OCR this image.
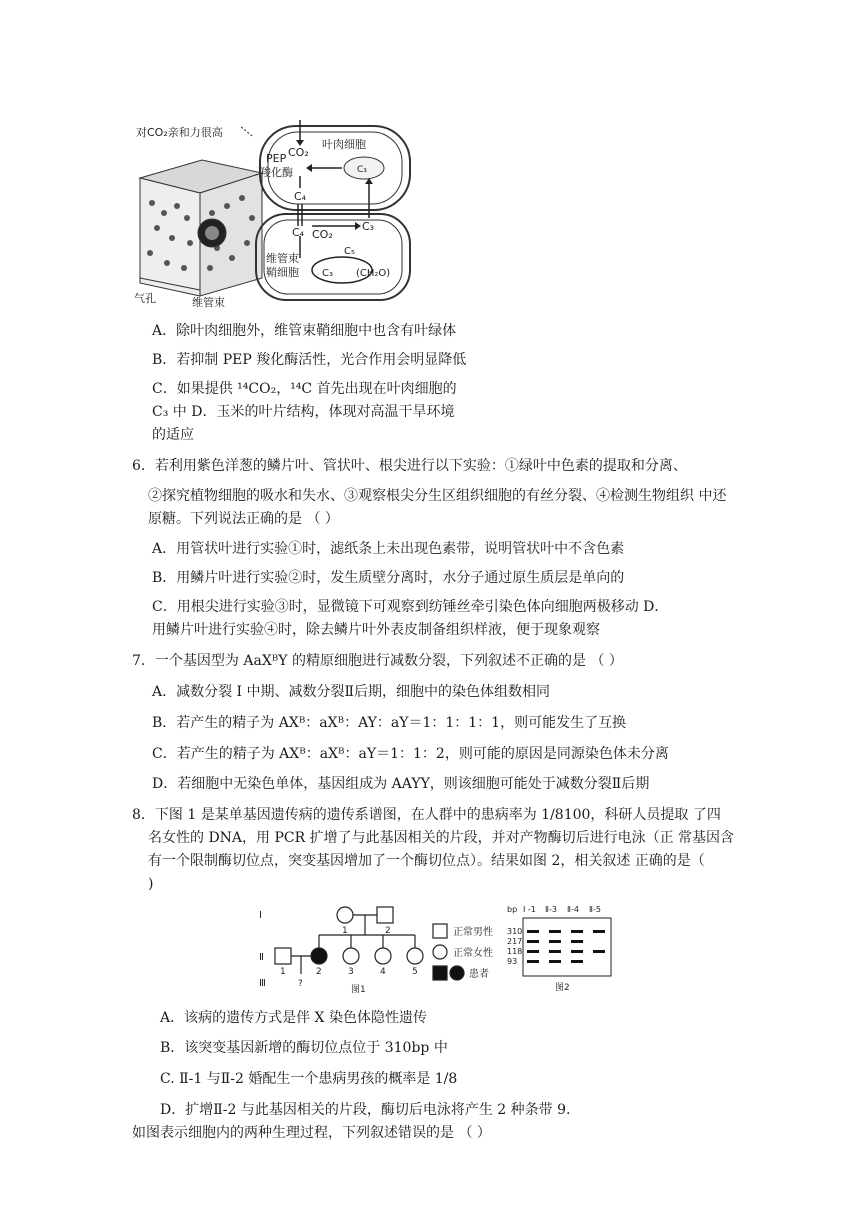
对CO₂亲和力很高
PEP
羧化酶
CO₂
叶肉细胞
C₃
C₄
C₄	C₃
CO₂
C₅
C₃ (CH₂O)
维管束
鞘细胞
气孔	维管束
A．除叶肉细胞外，维管束鞘细胞中也含有叶绿体
B．若抑制 PEP 羧化酶活性，光合作用会明显降低
C．如果提供 ¹⁴CO₂，¹⁴C 首先出现在叶肉细胞的
C₃ 中 D．玉米的叶片结构，体现对高温干旱环境
的适应
6．若利用紫色洋葱的鳞片叶、管状叶、根尖进行以下实验：①绿叶中色素的提取和分离、
②探究植物细胞的吸水和失水、③观察根尖分生区组织细胞的有丝分裂、④检测生物组织 中还
原糖。下列说法正确的是 （ ）
A．用管状叶进行实验①时，滤纸条上未出现色素带，说明管状叶中不含色素
B．用鳞片叶进行实验②时，发生质壁分离时，水分子通过原生质层是单向的
C．用根尖进行实验③时，显微镜下可观察到纺锤丝牵引染色体向细胞两极移动 D．
用鳞片叶进行实验④时，除去鳞片叶外表皮制备组织样液，便于现象观察
7．一个基因型为 AaXᴮY 的精原细胞进行减数分裂，下列叙述不正确的是 （ ）
A．减数分裂 I 中期、减数分裂Ⅱ后期，细胞中的染色体组数相同
B．若产生的精子为 AXᴮ：aXᴮ：AY：aY＝1：1：1：1，则可能发生了互换
C．若产生的精子为 AXᴮ：aXᴮ：aY＝1：1：2，则可能的原因是同源染色体未分离
D．若细胞中无染色单体，基因组成为 AAYY，则该细胞可能处于减数分裂Ⅱ后期
8．下图 1 是某单基因遗传病的遗传系谱图，在人群中的患病率为 1/8100，科研人员提取 了四
名女性的 DNA，用 PCR 扩增了与此基因相关的片段，并对产物酶切后进行电泳（正 常基因含
有一个限制酶切位点，突变基因增加了一个酶切位点）。结果如图 2，相关叙述 正确的是（
)
I
Ⅱ
Ⅲ
1	2
1	2	3	4	5
?
正常男性
正常女性
患者
图1
bp I -1 Ⅱ-3 Ⅱ-4 Ⅱ-5
310
217
118
93
图2
A．该病的遗传方式是伴 X 染色体隐性遗传
B．该突变基因新增的酶切位点位于 310bp 中
C. Ⅱ-1 与Ⅱ-2 婚配生一个患病男孩的概率是 1/8
D．扩增Ⅱ-2 与此基因相关的片段，酶切后电泳将产生 2 种条带 9.
如图表示细胞内的两种生理过程，下列叙述错误的是 （ ）
